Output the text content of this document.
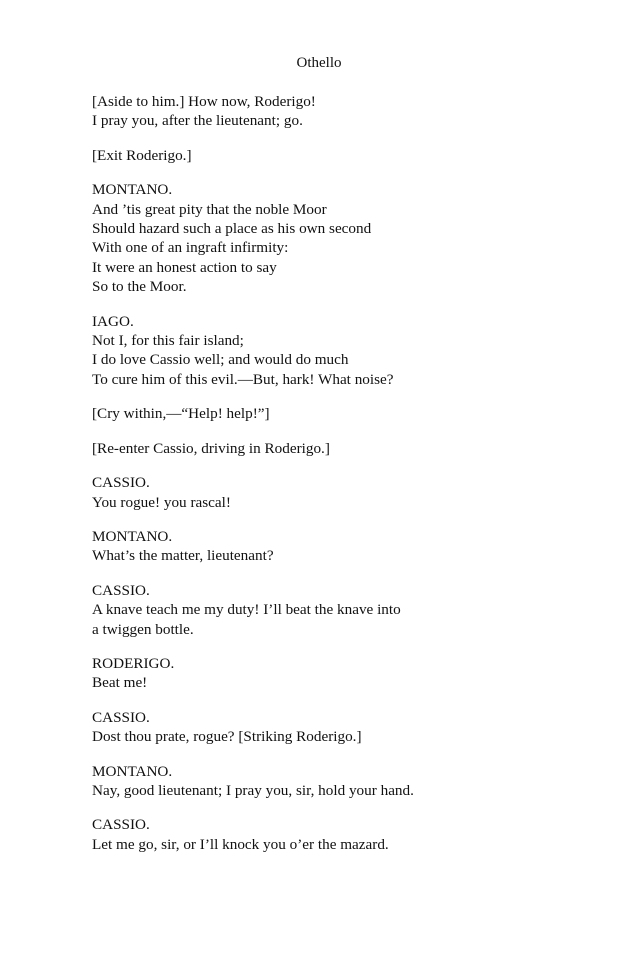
Othello
[Aside to him.] How now, Roderigo!
I pray you, after the lieutenant; go.
[Exit Roderigo.]
MONTANO.
And ’tis great pity that the noble Moor
Should hazard such a place as his own second
With one of an ingraft infirmity:
It were an honest action to say
So to the Moor.
IAGO.
Not I, for this fair island;
I do love Cassio well; and would do much
To cure him of this evil.—But, hark! What noise?
[Cry within,—“Help! help!”]
[Re-enter Cassio, driving in Roderigo.]
CASSIO.
You rogue! you rascal!
MONTANO.
What’s the matter, lieutenant?
CASSIO.
A knave teach me my duty! I’ll beat the knave into
a twiggen bottle.
RODERIGO.
Beat me!
CASSIO.
Dost thou prate, rogue? [Striking Roderigo.]
MONTANO.
Nay, good lieutenant; I pray you, sir, hold your hand.
CASSIO.
Let me go, sir, or I’ll knock you o’er the mazard.
